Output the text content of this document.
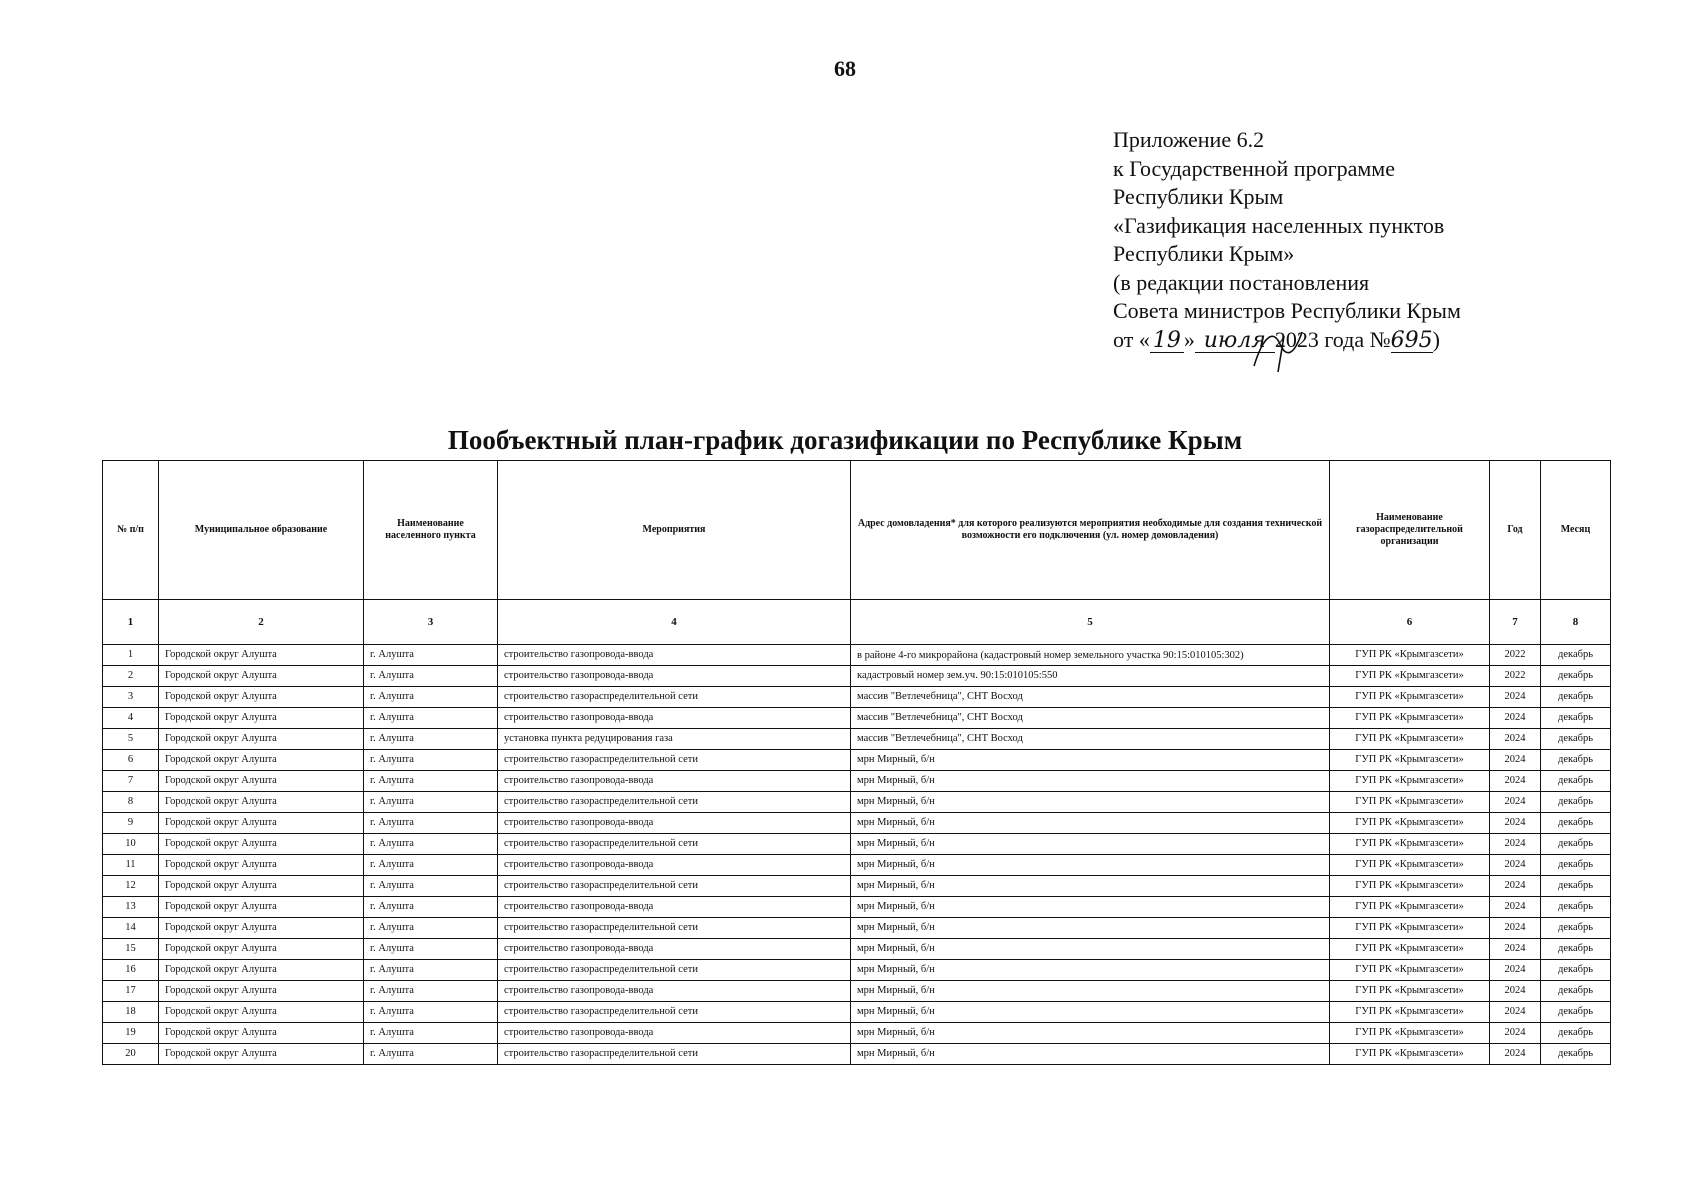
68
Приложение 6.2
к Государственной программе
Республики Крым
«Газификация населенных пунктов
Республики Крым»
(в редакции постановления
Совета министров Республики Крым
от « 19 » июля 2023 года №695)
Пообъектный план-график догазификации по Республике Крым
№ п/п	Муниципальное образование	Наименование населенного пункта	Мероприятия	Адрес домовладения* для которого реализуются мероприятия необходимые для создания технической возможности его подключения (ул. номер домовладения)	Наименование газораспределительной организации	Год	Месяц
1	2	3	4	5	6	7	8
1	Городской округ Алушта	г. Алушта	строительство газопровода-ввода	в районе 4-го микрорайона (кадастровый номер земельного участка 90:15:010105:302)	ГУП РК «Крымгазсети»	2022	декабрь
2	Городской округ Алушта	г. Алушта	строительство газопровода-ввода	кадастровый номер зем.уч. 90:15:010105:550	ГУП РК «Крымгазсети»	2022	декабрь
3	Городской округ Алушта	г. Алушта	строительство газораспределительной сети	массив "Ветлечебница", СНТ Восход	ГУП РК «Крымгазсети»	2024	декабрь
4	Городской округ Алушта	г. Алушта	строительство газопровода-ввода	массив "Ветлечебница", СНТ Восход	ГУП РК «Крымгазсети»	2024	декабрь
5	Городской округ Алушта	г. Алушта	установка пункта редуцирования газа	массив "Ветлечебница", СНТ Восход	ГУП РК «Крымгазсети»	2024	декабрь
6	Городской округ Алушта	г. Алушта	строительство газораспределительной сети	мрн Мирный, б/н	ГУП РК «Крымгазсети»	2024	декабрь
7	Городской округ Алушта	г. Алушта	строительство газопровода-ввода	мрн Мирный, б/н	ГУП РК «Крымгазсети»	2024	декабрь
8	Городской округ Алушта	г. Алушта	строительство газораспределительной сети	мрн Мирный, б/н	ГУП РК «Крымгазсети»	2024	декабрь
9	Городской округ Алушта	г. Алушта	строительство газопровода-ввода	мрн Мирный, б/н	ГУП РК «Крымгазсети»	2024	декабрь
10	Городской округ Алушта	г. Алушта	строительство газораспределительной сети	мрн Мирный, б/н	ГУП РК «Крымгазсети»	2024	декабрь
11	Городской округ Алушта	г. Алушта	строительство газопровода-ввода	мрн Мирный, б/н	ГУП РК «Крымгазсети»	2024	декабрь
12	Городской округ Алушта	г. Алушта	строительство газораспределительной сети	мрн Мирный, б/н	ГУП РК «Крымгазсети»	2024	декабрь
13	Городской округ Алушта	г. Алушта	строительство газопровода-ввода	мрн Мирный, б/н	ГУП РК «Крымгазсети»	2024	декабрь
14	Городской округ Алушта	г. Алушта	строительство газораспределительной сети	мрн Мирный, б/н	ГУП РК «Крымгазсети»	2024	декабрь
15	Городской округ Алушта	г. Алушта	строительство газопровода-ввода	мрн Мирный, б/н	ГУП РК «Крымгазсети»	2024	декабрь
16	Городской округ Алушта	г. Алушта	строительство газораспределительной сети	мрн Мирный, б/н	ГУП РК «Крымгазсети»	2024	декабрь
17	Городской округ Алушта	г. Алушта	строительство газопровода-ввода	мрн Мирный, б/н	ГУП РК «Крымгазсети»	2024	декабрь
18	Городской округ Алушта	г. Алушта	строительство газораспределительной сети	мрн Мирный, б/н	ГУП РК «Крымгазсети»	2024	декабрь
19	Городской округ Алушта	г. Алушта	строительство газопровода-ввода	мрн Мирный, б/н	ГУП РК «Крымгазсети»	2024	декабрь
20	Городской округ Алушта	г. Алушта	строительство газораспределительной сети	мрн Мирный, б/н	ГУП РК «Крымгазсети»	2024	декабрь
